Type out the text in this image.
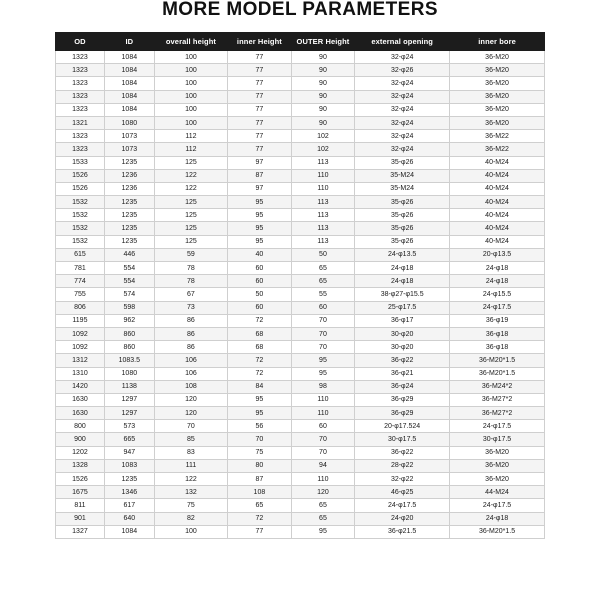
MORE MODEL PARAMETERS
OD	ID	overall height	inner Height	OUTER Height	external opening	inner bore
1323	1084	100	77	90	32-φ24	36-M20
1323	1084	100	77	90	32-φ26	36-M20
1323	1084	100	77	90	32-φ24	36-M20
1323	1084	100	77	90	32-φ24	36-M20
1323	1084	100	77	90	32-φ24	36-M20
1321	1080	100	77	90	32-φ24	36-M20
1323	1073	112	77	102	32-φ24	36-M22
1323	1073	112	77	102	32-φ24	36-M22
1533	1235	125	97	113	35-φ26	40-M24
1526	1236	122	87	110	35-M24	40-M24
1526	1236	122	97	110	35-M24	40-M24
1532	1235	125	95	113	35-φ26	40-M24
1532	1235	125	95	113	35-φ26	40-M24
1532	1235	125	95	113	35-φ26	40-M24
1532	1235	125	95	113	35-φ26	40-M24
615	446	59	40	50	24-φ13.5	20-φ13.5
781	554	78	60	65	24-φ18	24-φ18
774	554	78	60	65	24-φ18	24-φ18
755	574	67	50	55	38-φ27-φ15.5	24-φ15.5
806	598	73	60	60	25-φ17.5	24-φ17.5
1195	962	86	72	70	36-φ17	36-φ19
1092	860	86	68	70	30-φ20	36-φ18
1092	860	86	68	70	30-φ20	36-φ18
1312	1083.5	106	72	95	36-φ22	36-M20*1.5
1310	1080	106	72	95	36-φ21	36-M20*1.5
1420	1138	108	84	98	36-φ24	36-M24*2
1630	1297	120	95	110	36-φ29	36-M27*2
1630	1297	120	95	110	36-φ29	36-M27*2
800	573	70	56	60	20-φ17.524	24-φ17.5
900	665	85	70	70	30-φ17.5	30-φ17.5
1202	947	83	75	70	36-φ22	36-M20
1328	1083	111	80	94	28-φ22	36-M20
1526	1235	122	87	110	32-φ22	36-M20
1675	1346	132	108	120	46-φ25	44-M24
811	617	75	65	65	24-φ17.5	24-φ17.5
901	640	82	72	65	24-φ20	24-φ18
1327	1084	100	77	95	36-φ21.5	36-M20*1.5
